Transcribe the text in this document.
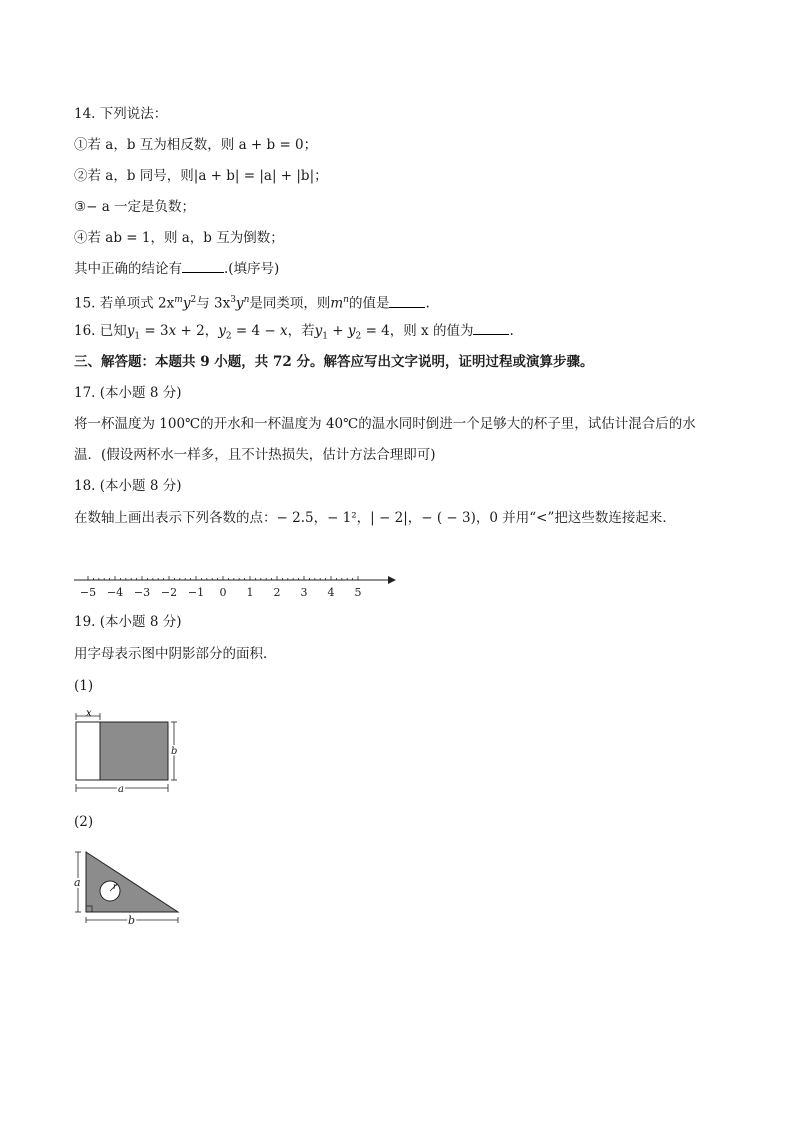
14. 下列说法：
①若 a，b 互为相反数，则 a + b = 0；
②若 a，b 同号，则|a + b| = |a| + |b|；
③− a 一定是负数；
④若 ab = 1，则 a，b 互为倒数；
其中正确的结论有	.(填序号)
15. 若单项式 $2x^my^2$与 $3x^3y^n$是同类项，则$m^n$的值是	.
16. 已知$y_1 = 3x + 2$，$y_2 = 4 - x$，若$y_1 + y_2 = 4$，则 x 的值为	.
三、解答题：本题共 9 小题，共 72 分。解答应写出文字说明，证明过程或演算步骤。
17. (本小题 8 分)
将一杯温度为 100℃的开水和一杯温度为 40℃的温水同时倒进一个足够大的杯子里，试估计混合后的水
温．(假设两杯水一样多，且不计热损失，估计方法合理即可)
18. (本小题 8 分)
在数轴上画出表示下列各数的点：− 2.5，− 1²，| − 2|，− ( − 3)，0 并用“<”把这些数连接起来．
−5 −4 −3 −2 −1 0 1 2 3 4 5
19. (本小题 8 分)
用字母表示图中阴影部分的面积．
(1)
x
b
a
(2)
r
a
b
